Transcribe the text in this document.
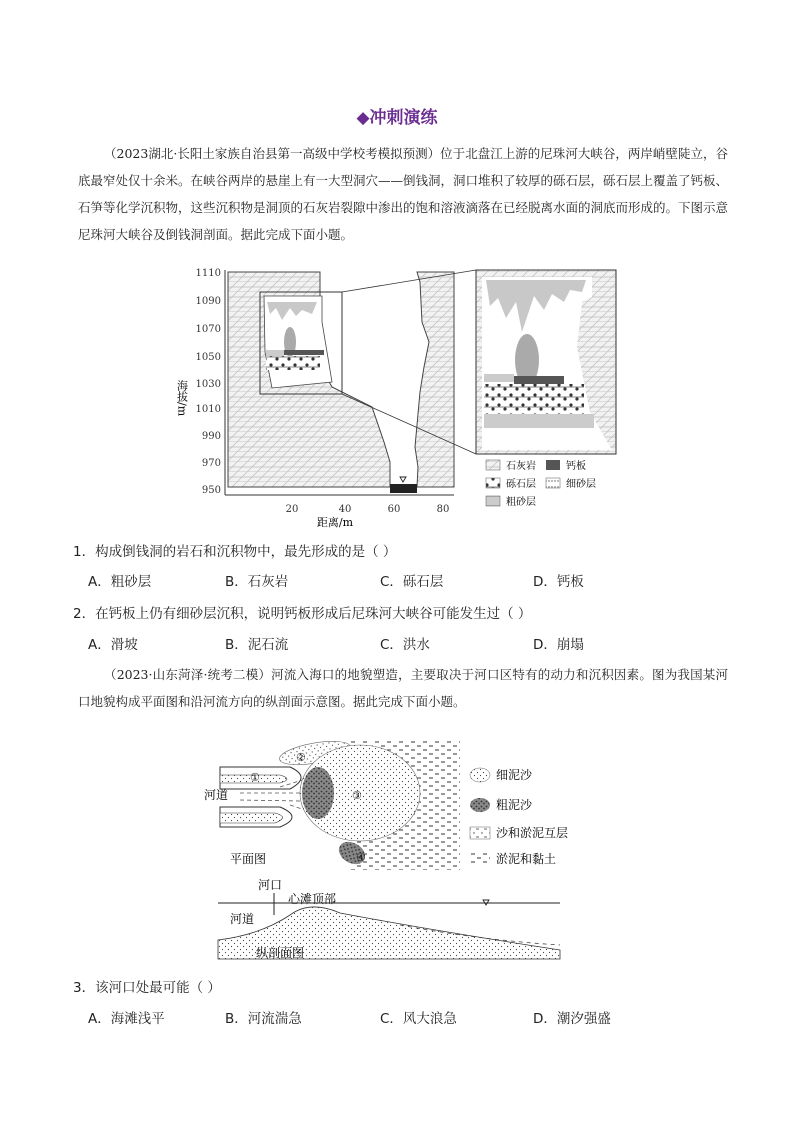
◆冲刺演练
（2023湖北·长阳土家族自治县第一高级中学校考模拟预测）位于北盘江上游的尼珠河大峡谷，两岸峭壁陡立，谷底最窄处仅十余米。在峡谷两岸的悬崖上有一大型洞穴——倒钱洞，洞口堆积了较厚的砾石层，砾石层上覆盖了钙板、石笋等化学沉积物，这些沉积物是洞顶的石灰岩裂隙中渗出的饱和溶液滴落在已经脱离水面的洞底而形成的。下图示意尼珠河大峡谷及倒钱洞剖面。据此完成下面小题。
1110
1090
1070
1050
1030
1010
990
970
950
20	40	60	80
距离/m
海拔/m
石灰岩	钙板
砾石层	细砂层
粗砂层
1．构成倒钱洞的岩石和沉积物中，最先形成的是（ ）
A．粗砂层	B．石灰岩	C．砾石层	D．钙板
2．在钙板上仍有细砂层沉积，说明钙板形成后尼珠河大峡谷可能发生过（ ）
A．滑坡	B．泥石流	C．洪水	D．崩塌
（2023·山东菏泽·统考二模）河流入海口的地貌塑造，主要取决于河口区特有的动力和沉积因素。图为我国某河口地貌构成平面图和沿河流方向的纵剖面示意图。据此完成下面小题。
①
②
③
④
河道
平面图
细泥沙
粗泥沙
沙和淤泥互层
淤泥和黏土
河口
心滩顶部
河道
纵剖面图
3．该河口处最可能（ ）
A．海滩浅平	B．河流湍急	C．风大浪急	D．潮汐强盛
